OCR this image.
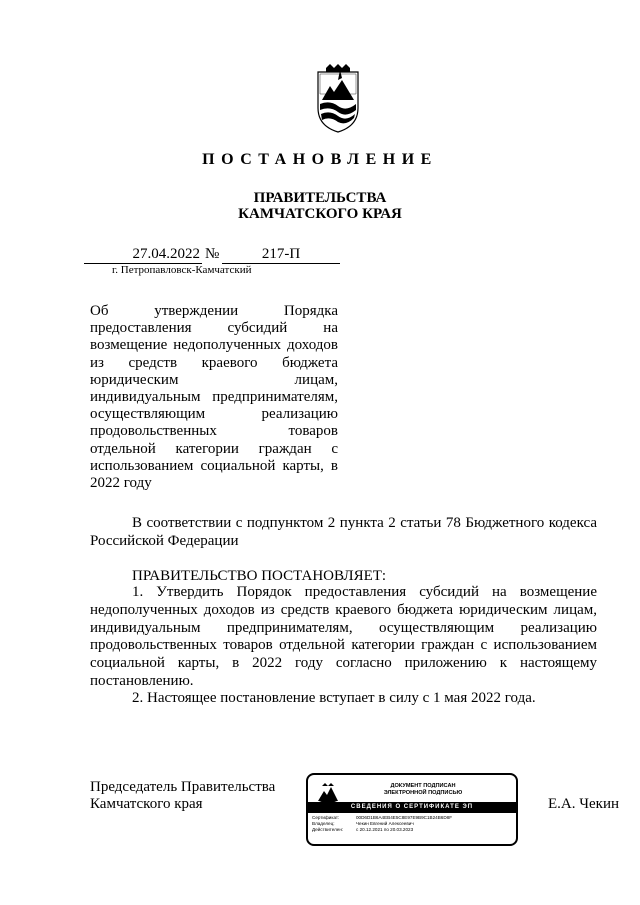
ПОСТАНОВЛЕНИЕ
ПРАВИТЕЛЬСТВА
КАМЧАТСКОГО КРАЯ
27.04.2022 №	217-П
г. Петропавловск-Камчатский
Об утверждении Порядка предоставления субсидий на возмещение недополученных доходов из средств краевого бюджета юридическим лицам, индивидуальным предпринимателям, осуществляющим реализацию продовольственных товаров отдельной категории граждан с использованием социальной карты, в 2022 году
В соответствии с подпунктом 2 пункта 2 статьи 78 Бюджетного кодекса Российской Федерации
ПРАВИТЕЛЬСТВО ПОСТАНОВЛЯЕТ:
1. Утвердить Порядок предоставления субсидий на возмещение недополученных доходов из средств краевого бюджета юридическим лицам, индивидуальным предпринимателям, осуществляющим реализацию продовольственных товаров отдельной категории граждан с использованием социальной карты, в 2022 году согласно приложению к настоящему постановлению.
2. Настоящее постановление вступает в силу с 1 мая 2022 года.
Председатель Правительства
Камчатского края	Е.А. Чекин
ДОКУМЕНТ ПОДПИСАН
ЭЛЕКТРОННОЙ ПОДПИСЬЮ
СВЕДЕНИЯ О СЕРТИФИКАТЕ ЭП
Сертификат:	00D6D1B6A4EB4E5C8E97E9B9C1B24B6D8F
Владелец:	Чекин Евгений Алексеевич
Действителен:	с 20.12.2021 по 20.03.2023
